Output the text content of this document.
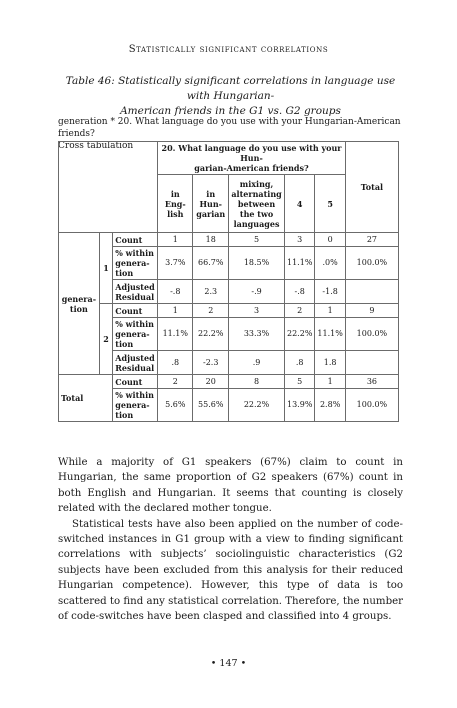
Statistically significant correlations
Table 46: Statistically significant correlations in language use with Hungarian-
American friends in the G1 vs. G2 groups
generation * 20. What language do you use with your Hungarian-American friends?
Cross tabulation
			20. What language do you use with your Hun-
garian-American friends?					Total
			in Eng-
lish	in Hun-
garian	mixing,
alternating
between
the two
languages	4	5	
genera-
tion	1	Count	1	18	5	3	0	27
		% within
genera-
tion	3.7%	66.7%	18.5%	11.1%	.0%	100.0%
		Adjusted
Residual	-.8	2.3	-.9	-.8	-1.8	
	2	Count	1	2	3	2	1	9
		% within
genera-
tion	11.1%	22.2%	33.3%	22.2%	11.1%	100.0%
		Adjusted
Residual	.8	-2.3	.9	.8	1.8	
Total		Count	2	20	8	5	1	36
		% within
genera-
tion	5.6%	55.6%	22.2%	13.9%	2.8%	100.0%

While a majority of G1 speakers (67%) claim to count in Hungarian, the same proportion of G2 speakers (67%) count in both English and Hungarian. It seems that counting is closely related with the declared mother tongue.

Statistical tests have also been applied on the number of code-switched instances in G1 group with a view to finding significant correlations with subjects’ sociolinguistic characteristics (G2 subjects have been excluded from this analysis for their reduced Hungarian competence). However, this type of data is too scattered to find any statistical correlation. Therefore, the number of code-switches have been clasped and classified into 4 groups.

• 147 •
